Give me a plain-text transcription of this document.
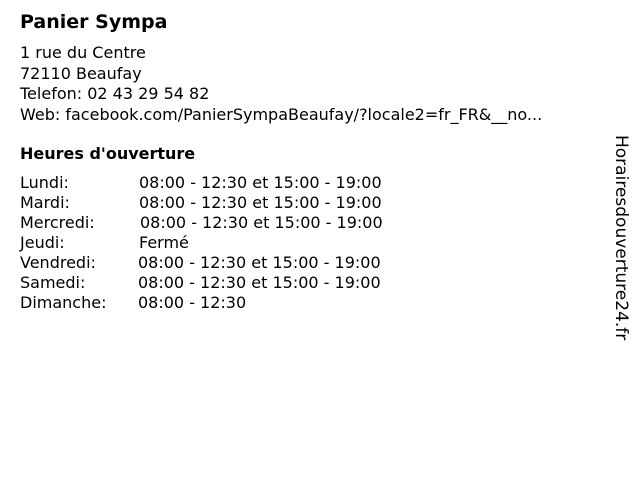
Panier Sympa
1 rue du Centre
72110 Beaufay
Telefon: 02 43 29 54 82
Web: facebook.com/PanierSympaBeaufay/?locale2=fr_FR&__no...
Heures d'ouverture
Lundi:	08:00 - 12:30 et 15:00 - 19:00
Mardi:	08:00 - 12:30 et 15:00 - 19:00
Mercredi:	08:00 - 12:30 et 15:00 - 19:00
Jeudi:	Fermé
Vendredi:	08:00 - 12:30 et 15:00 - 19:00
Samedi:	08:00 - 12:30 et 15:00 - 19:00
Dimanche: 08:00 - 12:30	Horairesdouverture24.fr
